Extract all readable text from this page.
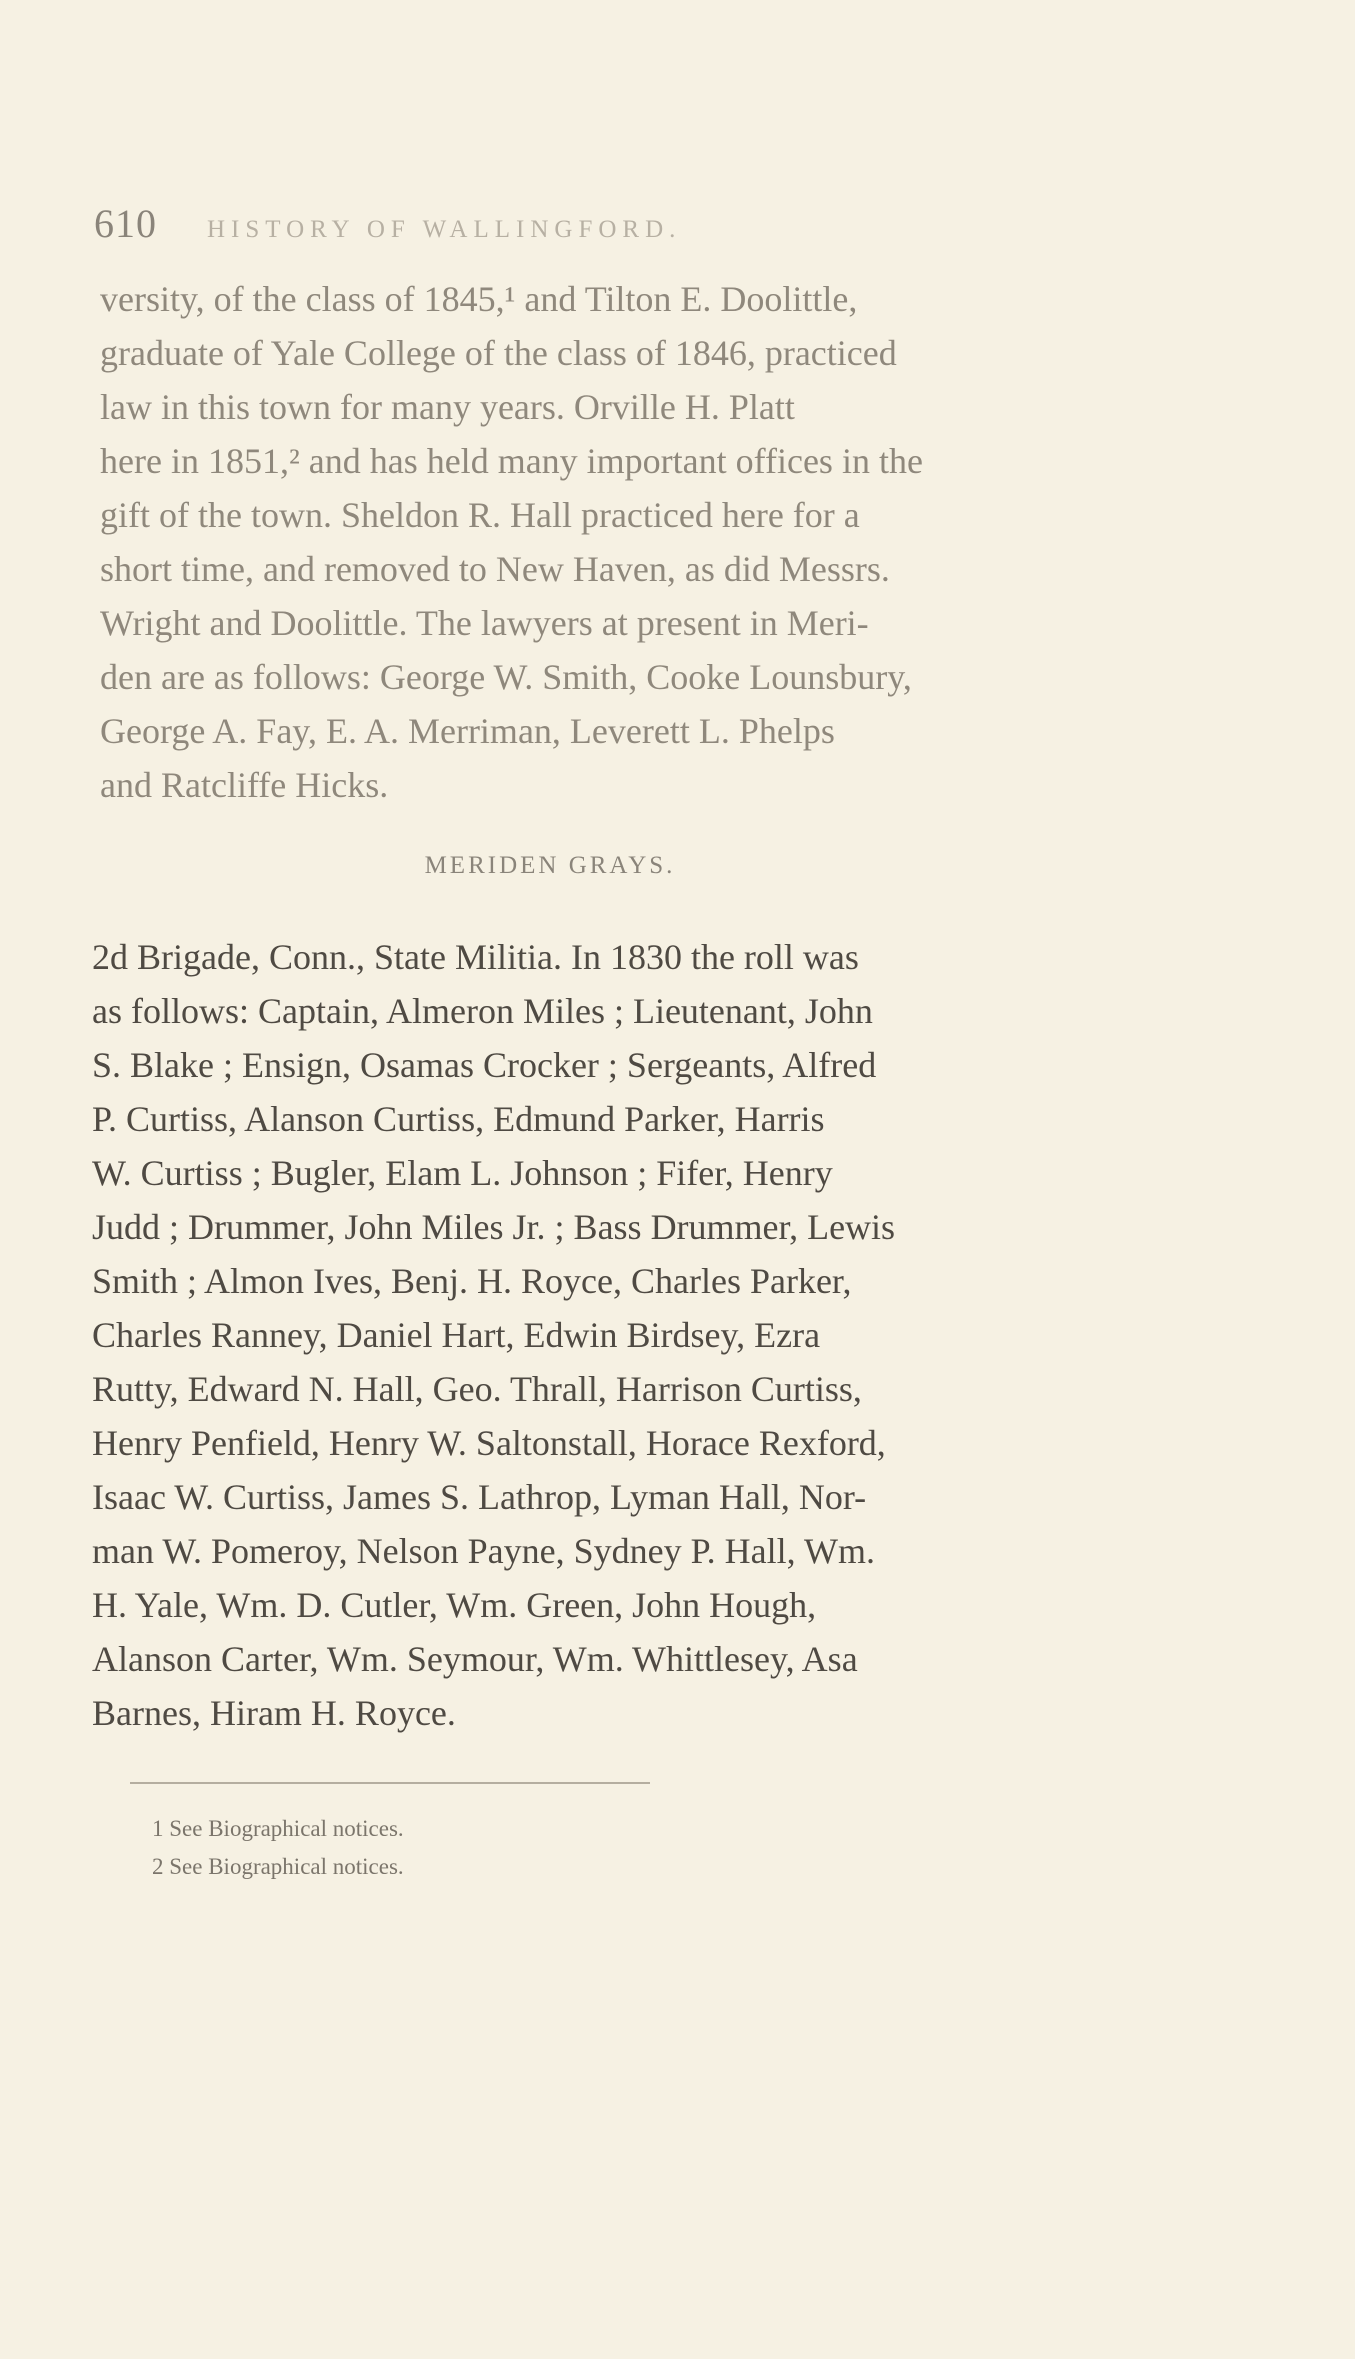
610 HISTORY OF WALLINGFORD.
versity, of the class of 1845,¹ and Tilton E. Doolittle,
graduate of Yale College of the class of 1846, practiced
law in this town for many years. Orville H. Platt
here in 1851,² and has held many important offices in the
gift of the town. Sheldon R. Hall practiced here for a
short time, and removed to New Haven, as did Messrs.
Wright and Doolittle. The lawyers at present in Meri-
den are as follows: George W. Smith, Cooke Lounsbury,
George A. Fay, E. A. Merriman, Leverett L. Phelps
and Ratcliffe Hicks.
MERIDEN GRAYS.
2d Brigade, Conn., State Militia. In 1830 the roll was
as follows: Captain, Almeron Miles ; Lieutenant, John
S. Blake ; Ensign, Osamas Crocker ; Sergeants, Alfred
P. Curtiss, Alanson Curtiss, Edmund Parker, Harris
W. Curtiss ; Bugler, Elam L. Johnson ; Fifer, Henry
Judd ; Drummer, John Miles Jr. ; Bass Drummer, Lewis
Smith ; Almon Ives, Benj. H. Royce, Charles Parker,
Charles Ranney, Daniel Hart, Edwin Birdsey, Ezra
Rutty, Edward N. Hall, Geo. Thrall, Harrison Curtiss,
Henry Penfield, Henry W. Saltonstall, Horace Rexford,
Isaac W. Curtiss, James S. Lathrop, Lyman Hall, Nor-
man W. Pomeroy, Nelson Payne, Sydney P. Hall, Wm.
H. Yale, Wm. D. Cutler, Wm. Green, John Hough,
Alanson Carter, Wm. Seymour, Wm. Whittlesey, Asa
Barnes, Hiram H. Royce.
1 See Biographical notices.
2 See Biographical notices.
